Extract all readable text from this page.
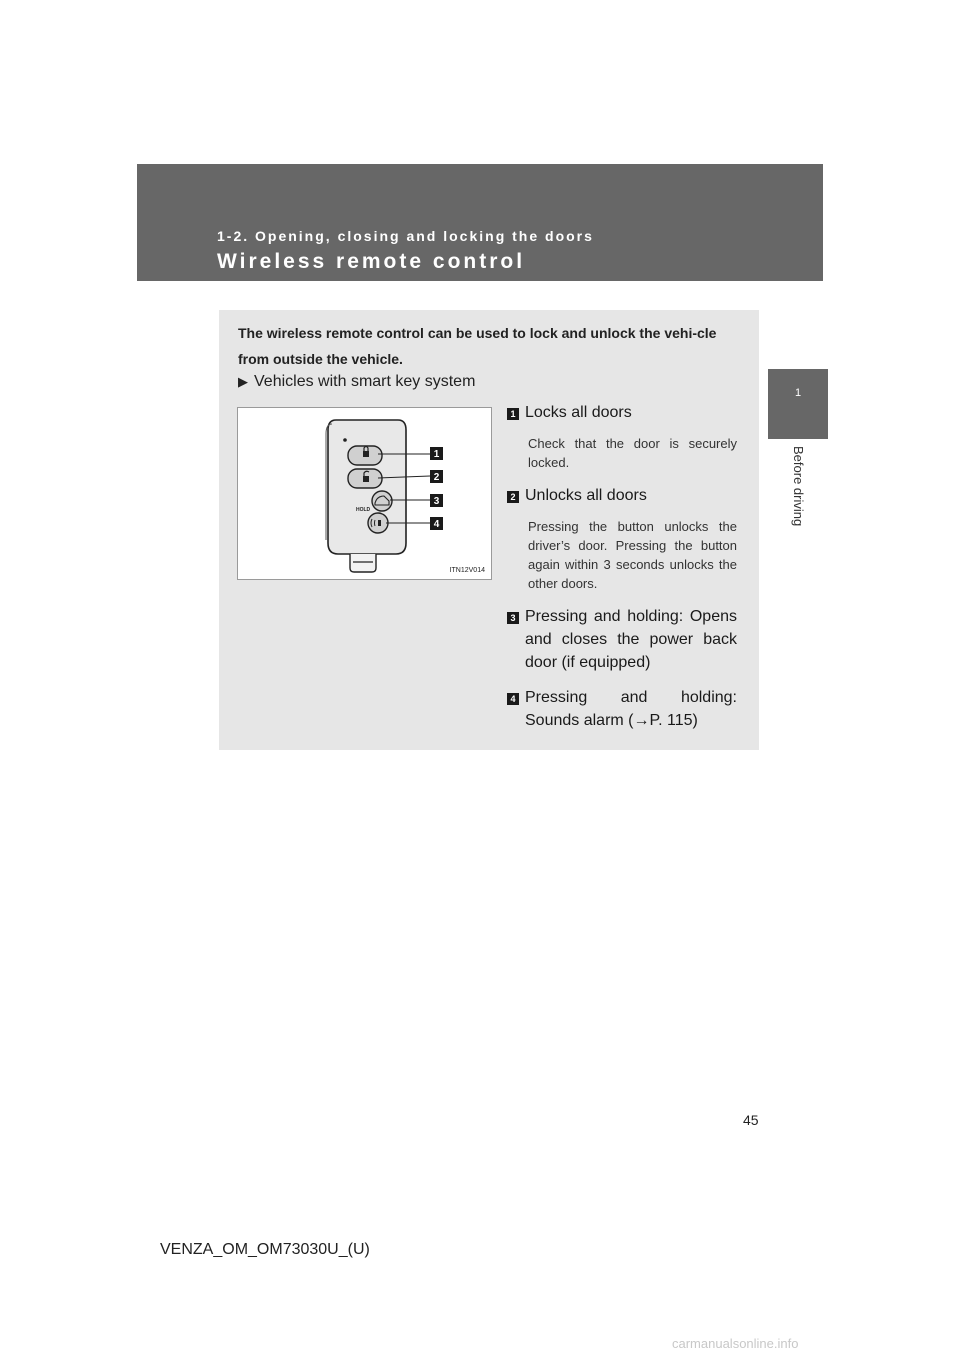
1-2. Opening, closing and locking the doors
Wireless remote control
1
Before driving
The wireless remote control can be used to lock and unlock the vehi-cle from outside the vehicle.
▶ Vehicles with smart key system
HOLD
1
2
3
4
ITN12V014
1 Locks all doors
Check that the door is securely locked.
2 Unlocks all doors
Pressing the button unlocks the driver’s door. Pressing the button again within 3 seconds unlocks the other doors.
3 Pressing and holding: Opens and closes the power back door (if equipped)
4 Pressing and holding: Sounds alarm (→P. 115)
45
VENZA_OM_OM73030U_(U)
carmanualsonline.info
